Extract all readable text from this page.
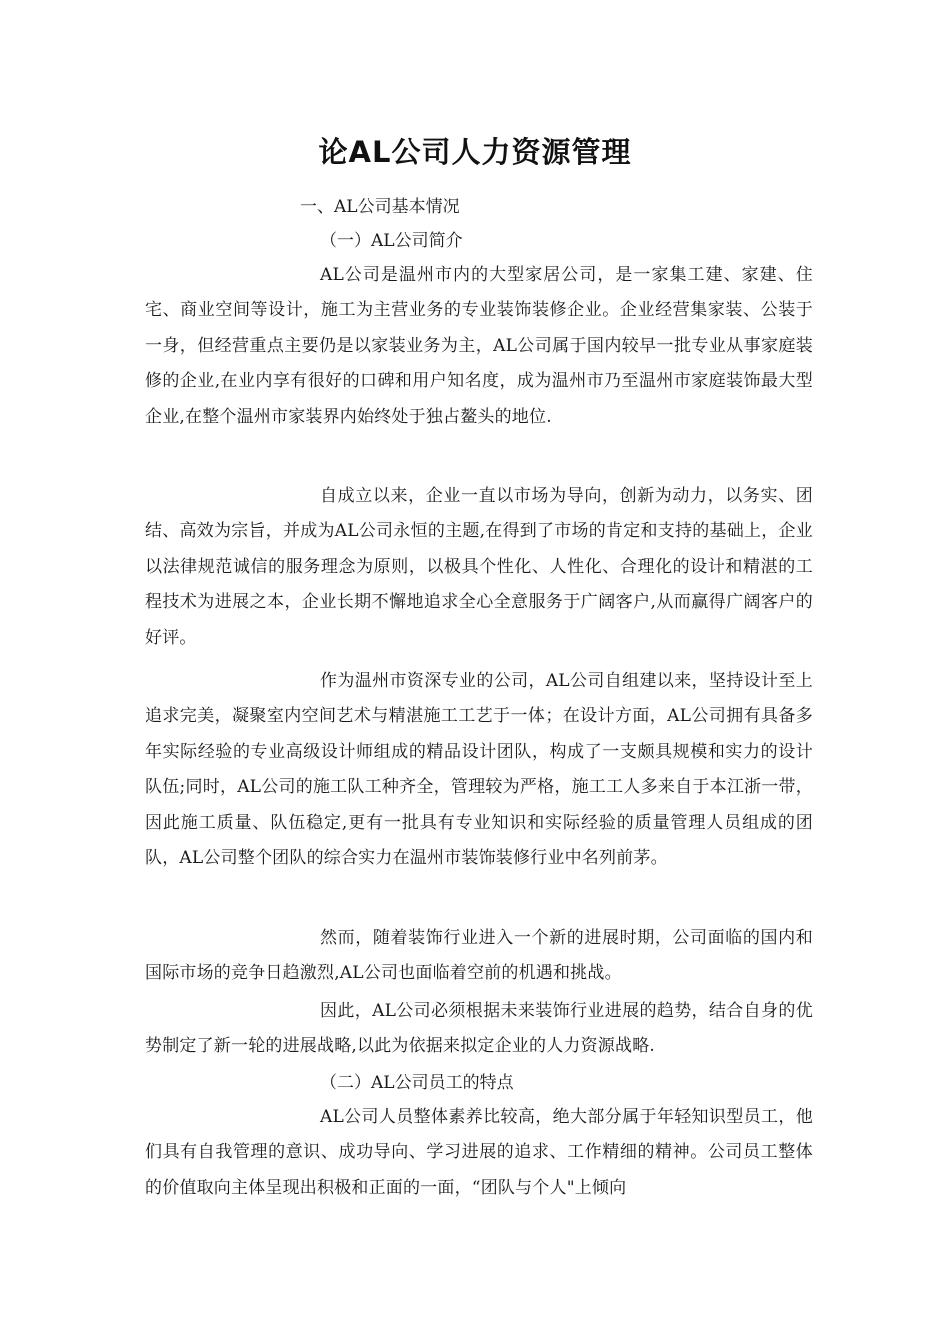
论AL公司人力资源管理
一、AL公司基本情况
（一）AL公司简介
AL公司是温州市内的大型家居公司，是一家集工建、家建、住宅、商业空间等设计，施工为主营业务的专业装饰装修企业。企业经营集家装、公装于一身，但经营重点主要仍是以家装业务为主，AL公司属于国内较早一批专业从事家庭装修的企业,在业内享有很好的口碑和用户知名度，成为温州市乃至温州市家庭装饰最大型企业,在整个温州市家装界内始终处于独占鳌头的地位.
自成立以来，企业一直以市场为导向，创新为动力，以务实、团结、高效为宗旨，并成为AL公司永恒的主题,在得到了市场的肯定和支持的基础上，企业以法律规范诚信的服务理念为原则，以极具个性化、人性化、合理化的设计和精湛的工程技术为进展之本，企业长期不懈地追求全心全意服务于广阔客户,从而赢得广阔客户的好评。
作为温州市资深专业的公司，AL公司自组建以来，坚持设计至上追求完美，凝聚室内空间艺术与精湛施工工艺于一体；在设计方面，AL公司拥有具备多年实际经验的专业高级设计师组成的精品设计团队，构成了一支颇具规模和实力的设计队伍;同时，AL公司的施工队工种齐全，管理较为严格，施工工人多来自于本江浙一带，因此施工质量、队伍稳定,更有一批具有专业知识和实际经验的质量管理人员组成的团队，AL公司整个团队的综合实力在温州市装饰装修行业中名列前茅。
然而，随着装饰行业进入一个新的进展时期，公司面临的国内和国际市场的竞争日趋激烈,AL公司也面临着空前的机遇和挑战。
因此，AL公司必须根据未来装饰行业进展的趋势，结合自身的优势制定了新一轮的进展战略,以此为依据来拟定企业的人力资源战略.
（二）AL公司员工的特点
AL公司人员整体素养比较高，绝大部分属于年轻知识型员工，他们具有自我管理的意识、成功导向、学习进展的追求、工作精细的精神。公司员工整体的价值取向主体呈现出积极和正面的一面，“团队与个人"上倾向
